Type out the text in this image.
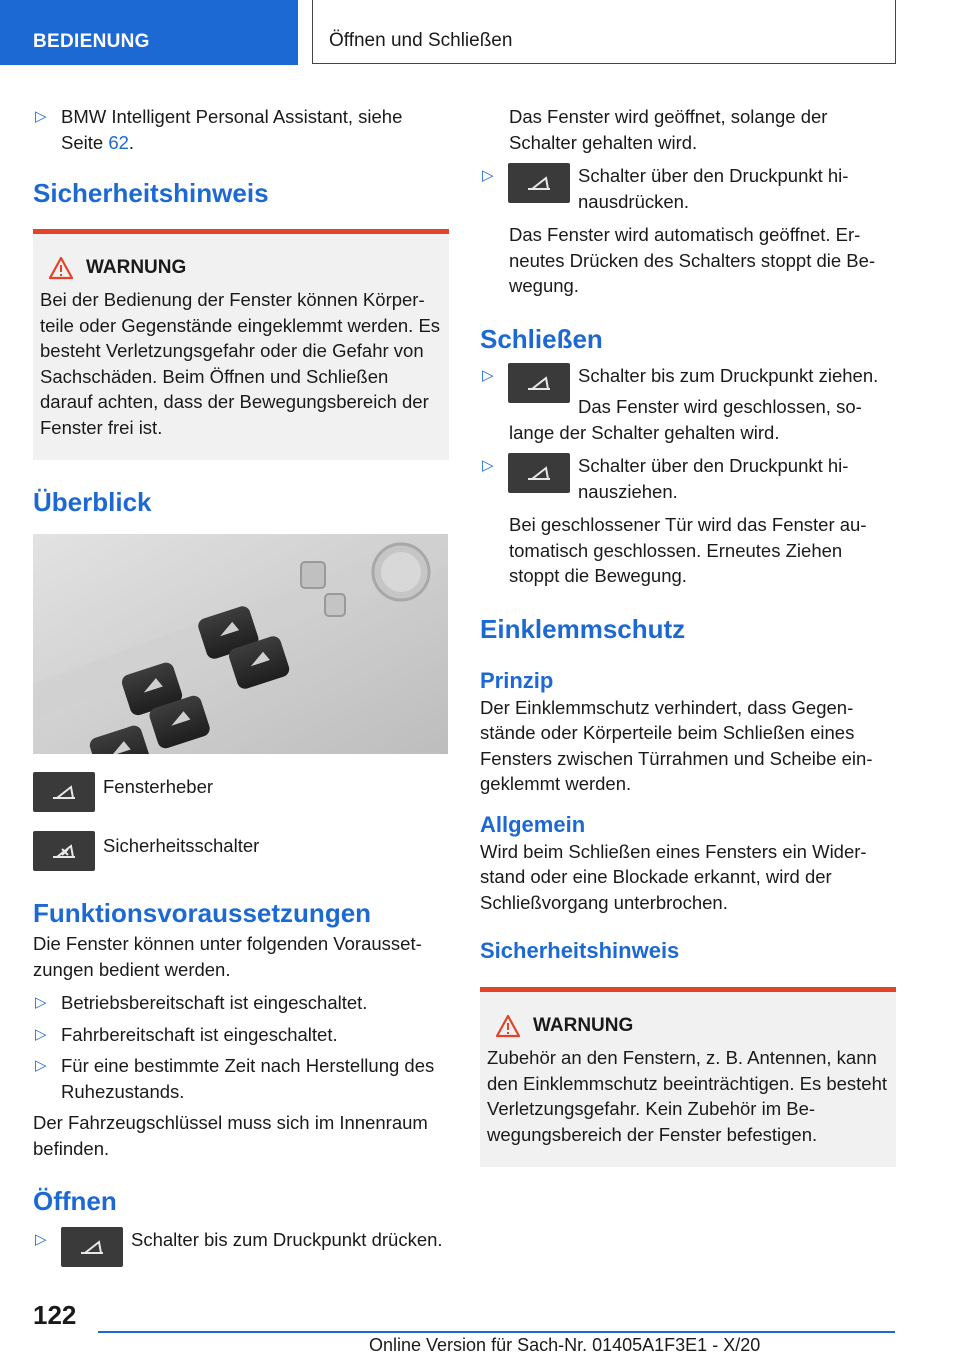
BEDIENUNG	Öffnen und Schließen
▷ BMW Intelligent Personal Assistant, siehe Seite 62.
Sicherheitshinweis
WARNUNG

Bei der Bedienung der Fenster können Körperteile oder Gegenstände eingeklemmt werden. Es besteht Verletzungsgefahr oder die Gefahr von Sachschäden. Beim Öffnen und Schließen darauf achten, dass der Bewegungsbereich der Fenster frei ist.

Überblick
Fensterheber
Sicherheitsschalter
Funktionsvoraussetzungen

Die Fenster können unter folgenden Voraussetzungen bedient werden.

▷ Betriebsbereitschaft ist eingeschaltet.
▷ Fahrbereitschaft ist eingeschaltet.
▷ Für eine bestimmte Zeit nach Herstellung des Ruhezustands.

Der Fahrzeugschlüssel muss sich im Innenraum befinden.

Öffnen
▷	Schalter bis zum Druckpunkt drücken.

Das Fenster wird geöffnet, solange der Schalter gehalten wird.

▷	Schalter über den Druckpunkt hinausdrücken.

Das Fenster wird automatisch geöffnet. Erneutes Drücken des Schalters stoppt die Bewegung.

Schließen
▷	Schalter bis zum Druckpunkt ziehen.
Das Fenster wird geschlossen, so-

lange der Schalter gehalten wird.

▷	Schalter über den Druckpunkt hinausziehen.

Bei geschlossener Tür wird das Fenster automatisch geschlossen. Erneutes Ziehen stoppt die Bewegung.

Einklemmschutz
Prinzip

Der Einklemmschutz verhindert, dass Gegenstände oder Körperteile beim Schließen eines Fensters zwischen Türrahmen und Scheibe eingeklemmt werden.

Allgemein

Wird beim Schließen eines Fensters ein Widerstand oder eine Blockade erkannt, wird der Schließvorgang unterbrochen.

Sicherheitshinweis
WARNUNG

Zubehör an den Fenstern, z. B. Antennen, kann den Einklemmschutz beeinträchtigen. Es besteht Verletzungsgefahr. Kein Zubehör im Bewegungsbereich der Fenster befestigen.

122
Online Version für Sach-Nr. 01405A1F3E1 - X/20
